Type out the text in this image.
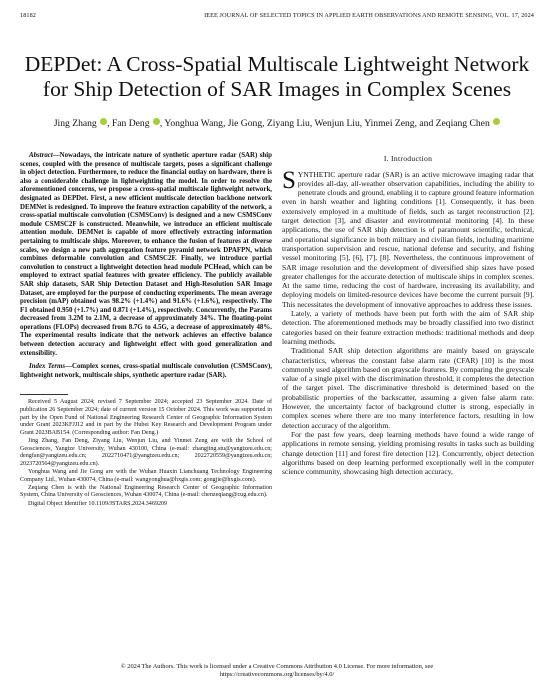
18182	IEEE JOURNAL OF SELECTED TOPICS IN APPLIED EARTH OBSERVATIONS AND REMOTE SENSING, VOL. 17, 2024
DEPDet: A Cross-Spatial Multiscale Lightweight Network for Ship Detection of SAR Images in Complex Scenes
Jing Zhang , Fan Deng , Yonghua Wang, Jie Gong, Ziyang Liu, Wenjun Liu, Yinmei Zeng, and Zeqiang Chen

Abstract—Nowadays, the intricate nature of synthetic aperture radar (SAR) ship scenes, coupled with the presence of multiscale targets, poses a significant challenge in object detection. Furthermore, to reduce the financial outlay on hardware, there is also a considerable challenge in lightweighting the model. In order to resolve the aforementioned concerns, we propose a cross-spatial multiscale lightweight network, designated as DEPDet. First, a new efficient multiscale detection backbone network DEMNet is redesigned. To improve the feature extraction capability of the network, a cross-spatial multiscale convolution (CSMSConv) is designed and a new CSMSConv module CSMSC2F is constructed. Meanwhile, we introduce an efficient multiscale attention module. DEMNet is capable of more effectively extracting information pertaining to multiscale ships. Moreover, to enhance the fusion of features at diverse scales, we design a new path aggregation feature pyramid network DPAFPN, which combines deformable convolution and CSMSC2F. Finally, we introduce partial convolution to construct a lightweight detection head module PCHead, which can be employed to extract spatial features with greater efficiency. The publicly available SAR ship datasets, SAR Ship Detection Dataset and High-Resolution SAR Image Dataset, are employed for the purpose of conducting experiments. The mean average precision (mAP) obtained was 98.2% (+1.4%) and 91.6% (+1.6%), respectively. The F1 obtained 0.950 (+1.7%) and 0.871 (+1.4%), respectively. Concurrently, the Params decreased from 3.2M to 2.1M, a decrease of approximately 34%. The floating-point operations (FLOPs) decreased from 8.7G to 4.5G, a decrease of approximately 48%. The experimental results indicate that the network achieves an effective balance between detection accuracy and lightweight effect with good generalization and extensibility.

Index Terms—Complex scenes, cross-spatial multiscale convolution (CSMSConv), lightweight network, multiscale ships, synthetic aperture radar (SAR).

Received 5 August 2024; revised 7 September 2024; accepted 23 September 2024. Date of publication 26 September 2024; date of current version 15 October 2024. This work was supported in part by the Open Fund of National Engineering Research Center of Geographic Information System under Grant 2023KFJJ12 and in part by the Hubei Key Research and Development Program under Grant 2023BAB154. (Corresponding author: Fan Deng.)

Jing Zhang, Fan Deng, Ziyang Liu, Wenjun Liu, and Yinmei Zeng are with the School of Geosciences, Yangtze University, Wuhan 430100, China (e-mail: zhangjing.stu@yangtzeu.edu.cn; dengfan@yangtzeu.edu.cn; 2022710471@yangtzeu.edu.cn; 2022720559@yangtzeu.edu.cn; 2023720564@yangtzeu.edu.cn).

Yonghua Wang and Jie Gong are with the Wuhan Huaxin Lianchuang Technology Engineering Company Ltd., Wuhan 430074, China (e-mail: wangyonghua@hxgis.com; gongjie@hxgis.com).

Zeqiang Chen is with the National Engineering Research Center of Geographic Information System, China University of Geosciences, Wuhan 430074, China (e-mail: chenzeqiang@cug.edu.cn).

Digital Object Identifier 10.1109/JSTARS.2024.3469209

I. Introduction

SYNTHETIC aperture radar (SAR) is an active microwave imaging radar that provides all-day, all-weather observation capabilities, including the ability to penetrate clouds and ground, enabling it to capture ground feature information even in harsh weather and lighting conditions [1]. Consequently, it has been extensively employed in a multitude of fields, such as target reconstruction [2], target detection [3], and disaster and environmental monitoring [4]. In these applications, the use of SAR ship detection is of paramount scientific, technical, and operational significance in both military and civilian fields, including maritime transportation supervision and rescue, national defense and security, and fishing vessel monitoring [5], [6], [7], [8]. Nevertheless, the continuous improvement of SAR image resolution and the development of diversified ship sizes have posed greater challenges for the accurate detection of multiscale ships in complex scenes. At the same time, reducing the cost of hardware, increasing its availability, and deploying models on limited-resource devices have become the current pursuit [9]. This necessitates the development of innovative approaches to address these issues.

Lately, a variety of methods have been put forth with the aim of SAR ship detection. The aforementioned methods may be broadly classified into two distinct categories based on their feature extraction methods: traditional methods and deep learning methods.

Traditional SAR ship detection algorithms are mainly based on grayscale characteristics, whereas the constant false alarm rate (CFAR) [10] is the most commonly used algorithm based on grayscale features. By comparing the greyscale value of a single pixel with the discrimination threshold, it completes the detection of the target pixel. The discriminative threshold is determined based on the probabilistic properties of the backscatter, assuming a given false alarm rate. However, the uncertainty factor of background clutter is strong, especially in complex scenes where there are too many interference factors, resulting in low detection accuracy of the algorithm.

For the past few years, deep learning methods have found a wide range of applications in remote sensing, yielding promising results in tasks such as building change detection [11] and forest fire detection [12]. Concurrently, object detection algorithms based on deep learning performed exceptionally well in the computer science community, showcasing high detection accuracy,

© 2024 The Authors. This work is licensed under a Creative Commons Attribution 4.0 License. For more information, see
https://creativecommons.org/licenses/by/4.0/
